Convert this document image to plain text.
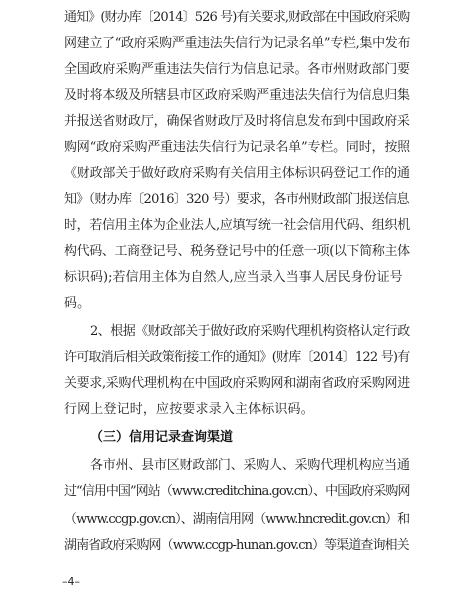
通知》(财办库〔2014〕526 号)有关要求,财政部在中国政府采购
网建立了“政府采购严重违法失信行为记录名单”专栏,集中发布
全国政府采购严重违法失信行为信息记录。各市州财政部门要
及时将本级及所辖县市区政府采购严重违法失信行为信息归集
并报送省财政厅，确保省财政厅及时将信息发布到中国政府采
购网“政府采购严重违法失信行为记录名单”专栏。同时，按照
《财政部关于做好政府采购有关信用主体标识码登记工作的通
知》（财办库〔2016〕320 号）要求，各市州财政部门报送信息
时，若信用主体为企业法人,应填写统一社会信用代码、组织机
构代码、工商登记号、税务登记号中的任意一项(以下简称主体
标识码);若信用主体为自然人,应当录入当事人居民身份证号
码。
2、根据《财政部关于做好政府采购代理机构资格认定行政
许可取消后相关政策衔接工作的通知》(财库〔2014〕122 号)有
关要求,采购代理机构在中国政府采购网和湖南省政府采购网进
行网上登记时，应按要求录入主体标识码。
（三）信用记录查询渠道
各市州、县市区财政部门、采购人、采购代理机构应当通
过“信用中国”网站（www.creditchina.gov.cn）、中国政府采购网
（www.ccgp.gov.cn）、湖南信用网（www.hncredit.gov.cn）和
湖南省政府采购网（www.ccgp-hunan.gov.cn）等渠道查询相关
–4–
